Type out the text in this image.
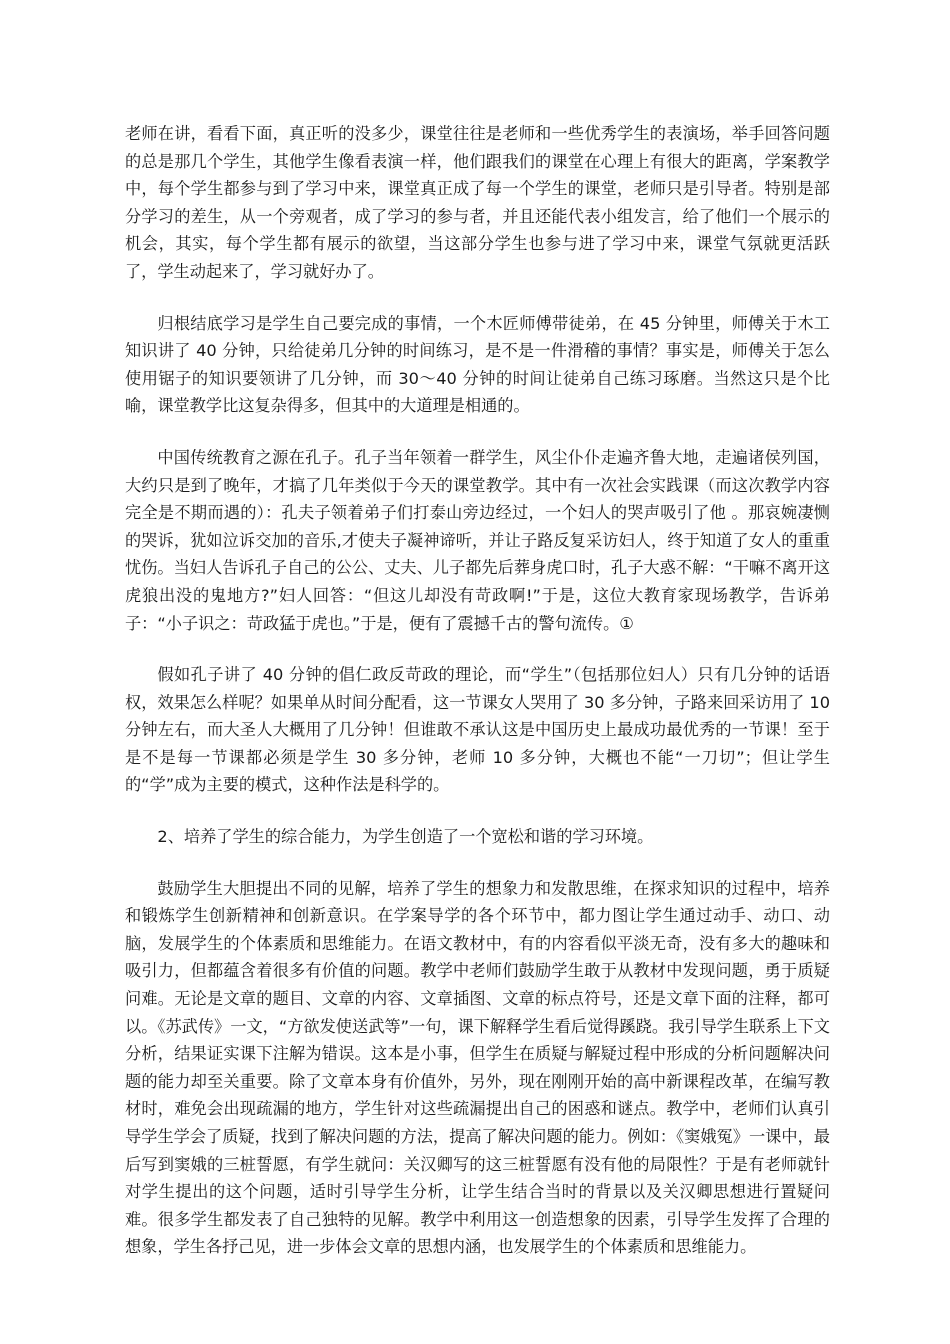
老师在讲，看看下面，真正听的没多少，课堂往往是老师和一些优秀学生的表演场，举手回答问题的总是那几个学生，其他学生像看表演一样，他们跟我们的课堂在心理上有很大的距离，学案教学中，每个学生都参与到了学习中来，课堂真正成了每一个学生的课堂，老师只是引导者。特别是部分学习的差生，从一个旁观者，成了学习的参与者，并且还能代表小组发言，给了他们一个展示的机会，其实，每个学生都有展示的欲望，当这部分学生也参与进了学习中来，课堂气氛就更活跃了，学生动起来了，学习就好办了。

归根结底学习是学生自己要完成的事情，一个木匠师傅带徒弟，在 45 分钟里，师傅关于木工知识讲了 40 分钟，只给徒弟几分钟的时间练习，是不是一件滑稽的事情？事实是，师傅关于怎么使用锯子的知识要领讲了几分钟，而 30～40 分钟的时间让徒弟自己练习琢磨。当然这只是个比喻，课堂教学比这复杂得多，但其中的大道理是相通的。

中国传统教育之源在孔子。孔子当年领着一群学生，风尘仆仆走遍齐鲁大地，走遍诸侯列国，大约只是到了晚年，才搞了几年类似于今天的课堂教学。其中有一次社会实践课（而这次教学内容完全是不期而遇的）：孔夫子领着弟子们打泰山旁边经过，一个妇人的哭声吸引了他 。那哀婉凄恻的哭诉，犹如泣诉交加的音乐,才使夫子凝神谛听，并让子路反复采访妇人，终于知道了女人的重重忧伤。当妇人告诉孔子自己的公公、丈夫、儿子都先后葬身虎口时，孔子大惑不解：“干嘛不离开这虎狼出没的鬼地方?”妇人回答：“但这儿却没有苛政啊!”于是，这位大教育家现场教学，告诉弟子：“小子识之：苛政猛于虎也。”于是，便有了震撼千古的警句流传。①

假如孔子讲了 40 分钟的倡仁政反苛政的理论，而“学生”（包括那位妇人）只有几分钟的话语权，效果怎么样呢？如果单从时间分配看，这一节课女人哭用了 30 多分钟，子路来回采访用了 10 分钟左右，而大圣人大概用了几分钟！但谁敢不承认这是中国历史上最成功最优秀的一节课！至于是不是每一节课都必须是学生 30 多分钟，老师 10 多分钟，大概也不能“一刀切”；但让学生的“学”成为主要的模式，这种作法是科学的。

2、培养了学生的综合能力，为学生创造了一个宽松和谐的学习环境。

鼓励学生大胆提出不同的见解，培养了学生的想象力和发散思维，在探求知识的过程中，培养和锻炼学生创新精神和创新意识。在学案导学的各个环节中，都力图让学生通过动手、动口、动脑，发展学生的个体素质和思维能力。在语文教材中，有的内容看似平淡无奇，没有多大的趣味和吸引力，但都蕴含着很多有价值的问题。教学中老师们鼓励学生敢于从教材中发现问题，勇于质疑问难。无论是文章的题目、文章的内容、文章插图、文章的标点符号，还是文章下面的注释，都可以。《苏武传》一文，“方欲发使送武等”一句，课下解释学生看后觉得蹊跷。我引导学生联系上下文分析，结果证实课下注解为错误。这本是小事，但学生在质疑与解疑过程中形成的分析问题解决问题的能力却至关重要。除了文章本身有价值外，另外，现在刚刚开始的高中新课程改革，在编写教材时，难免会出现疏漏的地方，学生针对这些疏漏提出自己的困惑和谜点。教学中，老师们认真引导学生学会了质疑，找到了解决问题的方法，提高了解决问题的能力。例如：《窦娥冤》一课中，最后写到窦娥的三桩誓愿，有学生就问：关汉卿写的这三桩誓愿有没有他的局限性？于是有老师就针对学生提出的这个问题，适时引导学生分析，让学生结合当时的背景以及关汉卿思想进行置疑问难。很多学生都发表了自己独特的见解。教学中利用这一创造想象的因素，引导学生发挥了合理的想象，学生各抒己见，进一步体会文章的思想内涵，也发展学生的个体素质和思维能力。
